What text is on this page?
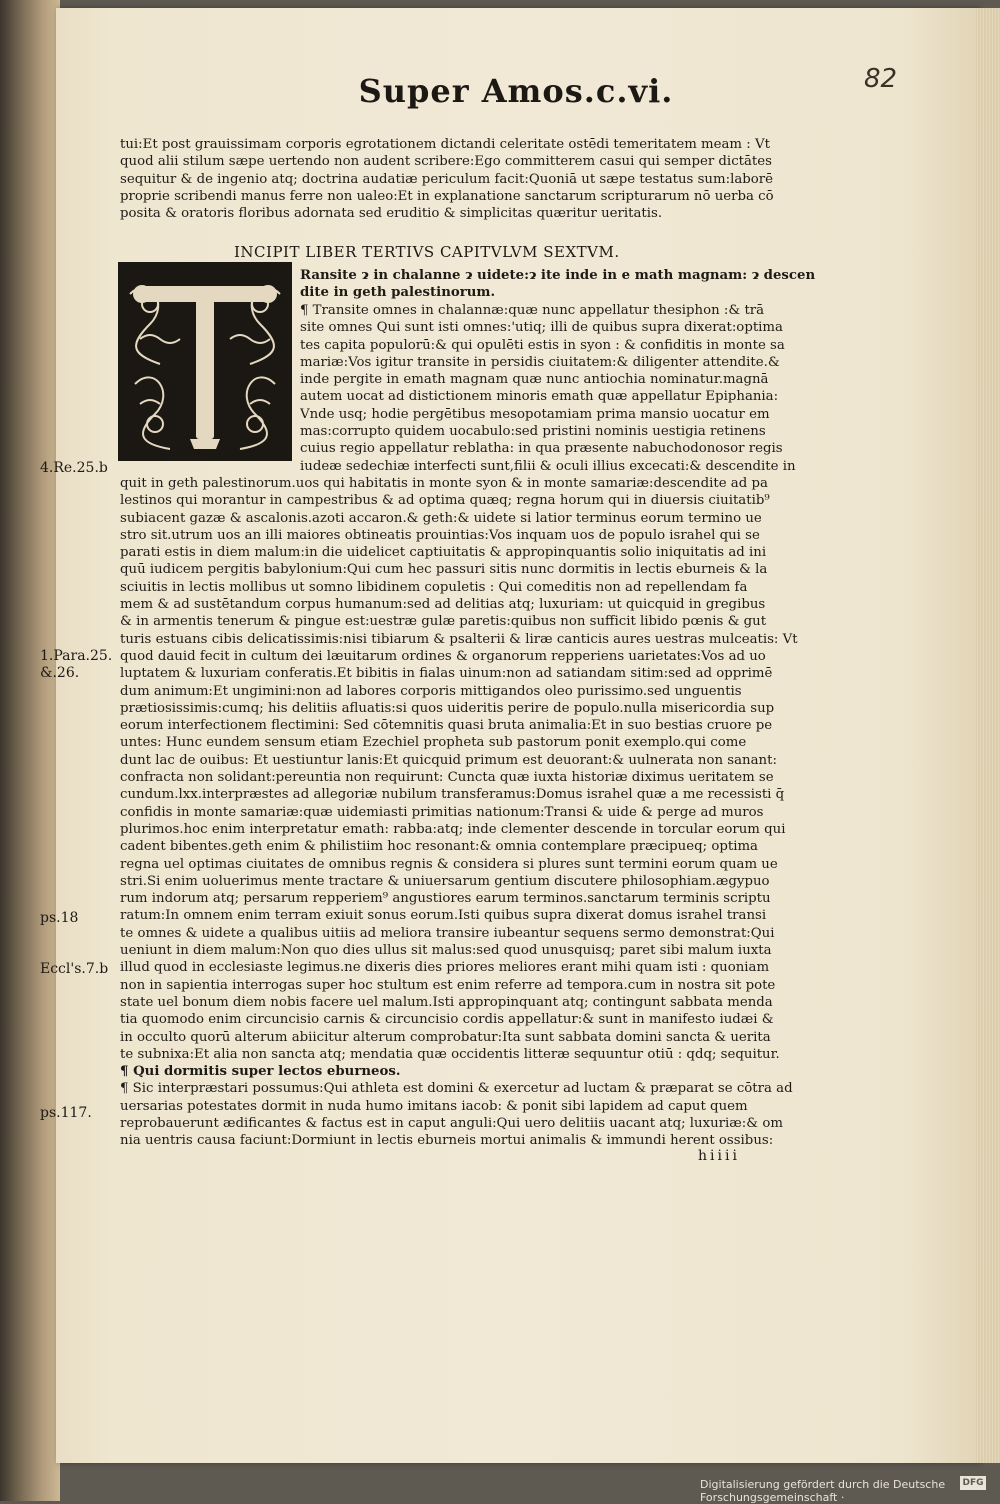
Super Amos.c.vi.	82
tui:Et post grauissimam corporis egrotationem dictandi celeritate ostēdi temeritatem meam : Vt
quod alii stilum sæpe uertendo non audent scribere:Ego committerem casui qui semper dictātes
sequitur & de ingenio atq; doctrina audatiæ periculum facit:Quoniā ut sæpe testatus sum:laborē
proprie scribendi manus ferre non ualeo:Et in explanatione sanctarum scripturarum nō uerba cō
posita & oratoris floribus adornata sed eruditio & simplicitas quæritur ueritatis.
INCIPIT LIBER TERTIVS CAPITVLVM SEXTVM.
Ransite ɂ in chalanne ɂ uidete:ɂ ite inde in e math magnam: ɂ descen
dite in geth palestinorum.
¶ Transite omnes in chalannæ:quæ nunc appellatur thesiphon :& trā
site omnes Qui sunt isti omnes:'utiq; illi de quibus supra dixerat:optima
tes capita populorū:& qui opulēti estis in syon : & confiditis in monte sa
mariæ:Vos igitur transite in persidis ciuitatem:& diligenter attendite.&
inde pergite in emath magnam quæ nunc antiochia nominatur.magnā
autem uocat ad distictionem minoris emath quæ appellatur Epiphania:
Vnde usq; hodie pergētibus mesopotamiam prima mansio uocatur em
mas:corrupto quidem uocabulo:sed pristini nominis uestigia retinens
cuius regio appellatur reblatha: in qua præsente nabuchodonosor regis
iudeæ sedechiæ interfecti sunt,filii & oculi illius excecati:& descendite in
quit in geth palestinorum.uos qui habitatis in monte syon & in monte samariæ:descendite ad pa
lestinos qui morantur in campestribus & ad optima quæq; regna horum qui in diuersis ciuitatib⁹
subiacent gazæ & ascalonis.azoti accaron.& geth:& uidete si latior terminus eorum termino ue
stro sit.utrum uos an illi maiores obtineatis prouintias:Vos inquam uos de populo israhel qui se
parati estis in diem malum:in die uidelicet captiuitatis & appropinquantis solio iniquitatis ad ini
quū iudicem pergitis babylonium:Qui cum hec passuri sitis nunc dormitis in lectis eburneis & la
sciuitis in lectis mollibus ut somno libidinem copuletis : Qui comeditis non ad repellendam fa
mem & ad sustētandum corpus humanum:sed ad delitias atq; luxuriam: ut quicquid in gregibus
& in armentis tenerum & pingue est:uestræ gulæ paretis:quibus non sufficit libido pœnis & gut
turis estuans cibis delicatissimis:nisi tibiarum & psalterii & liræ canticis aures uestras mulceatis: Vt
quod dauid fecit in cultum dei læuitarum ordines & organorum repperiens uarietates:Vos ad uo
luptatem & luxuriam conferatis.Et bibitis in fialas uinum:non ad satiandam sitim:sed ad opprimē
dum animum:Et ungimini:non ad labores corporis mittigandos oleo purissimo.sed unguentis
prætiosissimis:cumq; his delitiis afluatis:si quos uideritis perire de populo.nulla misericordia sup
eorum interfectionem flectimini: Sed cōtemnitis quasi bruta animalia:Et in suo bestias cruore pe
untes: Hunc eundem sensum etiam Ezechiel propheta sub pastorum ponit exemplo.qui come
dunt lac de ouibus: Et uestiuntur lanis:Et quicquid primum est deuorant:& uulnerata non sanant:
confracta non solidant:pereuntia non requirunt: Cuncta quæ iuxta historiæ diximus ueritatem se
cundum.lxx.interpræstes ad allegoriæ nubilum transferamus:Domus israhel quæ a me recessisti q̄
confidis in monte samariæ:quæ uidemiasti primitias nationum:Transi & uide & perge ad muros
plurimos.hoc enim interpretatur emath: rabba:atq; inde clementer descende in torcular eorum qui
cadent bibentes.geth enim & philistiim hoc resonant:& omnia contemplare præcipueq; optima
regna uel optimas ciuitates de omnibus regnis & considera si plures sunt termini eorum quam ue
stri.Si enim uoluerimus mente tractare & uniuersarum gentium discutere philosophiam.ægypuo
rum indorum atq; persarum repperiem⁹ angustiores earum terminos.sanctarum terminis scriptu
ratum:In omnem enim terram exiuit sonus eorum.Isti quibus supra dixerat domus israhel transi
te omnes & uidete a qualibus uitiis ad meliora transire iubeantur sequens sermo demonstrat:Qui
ueniunt in diem malum:Non quo dies ullus sit malus:sed quod unusquisq; paret sibi malum iuxta
illud quod in ecclesiaste legimus.ne dixeris dies priores meliores erant mihi quam isti : quoniam
non in sapientia interrogas super hoc stultum est enim referre ad tempora.cum in nostra sit pote
state uel bonum diem nobis facere uel malum.Isti appropinquant atq; contingunt sabbata menda
tia quomodo enim circuncisio carnis & circuncisio cordis appellatur:& sunt in manifesto iudæi &
in occulto quorū alterum abiicitur alterum comprobatur:Ita sunt sabbata domini sancta & uerita
te subnixa:Et alia non sancta atq; mendatia quæ occidentis litteræ sequuntur otiū : qdq; sequitur.
¶ Qui dormitis super lectos eburneos.
¶ Sic interpræstari possumus:Qui athleta est domini & exercetur ad luctam & præparat se cōtra ad
uersarias potestates dormit in nuda humo imitans iacob: & ponit sibi lapidem ad caput quem
reprobauerunt ædificantes & factus est in caput anguli:Qui uero delitiis uacant atq; luxuriæ:& om
nia uentris causa faciunt:Dormiunt in lectis eburneis mortui animalis & immundi herent ossibus:
4.Re.25.b
1.Para.25.
&.26.
ps.18
Eccl's.7.b
ps.117.
hiiii
Digitalisierung gefördert durch die Deutsche Forschungsgemeinschaft ·
DFG
